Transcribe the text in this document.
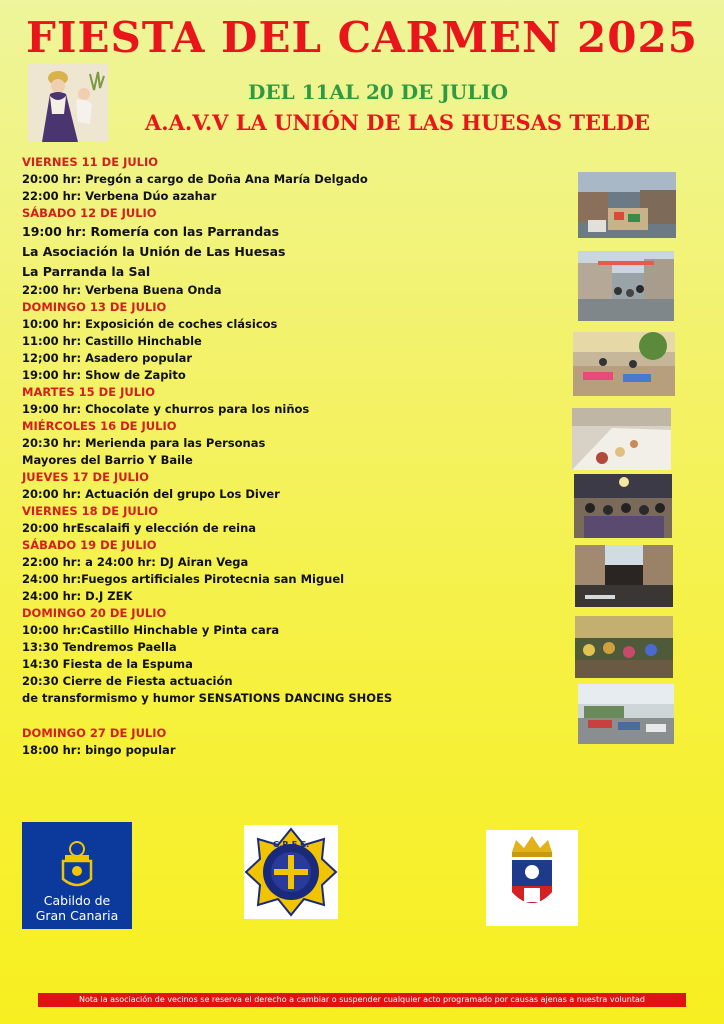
FIESTA DEL CARMEN 2025
DEL 11AL 20 DE JULIO
A.A.V.V LA UNIÓN DE LAS HUESAS TELDE
VIERNES 11 DE JULIO
20:00 hr: Pregón a cargo de Doña Ana María Delgado
22:00 hr: Verbena Dúo azahar
SÁBADO 12 DE JULIO
19:00 hr: Romería con las Parrandas
La Asociación la Unión de Las Huesas
La Parranda la Sal
22:00 hr: Verbena Buena Onda
DOMINGO 13 DE JULIO
10:00 hr: Exposición de coches clásicos
11:00 hr: Castillo Hinchable
12;00 hr: Asadero popular
19:00 hr: Show de Zapito
MARTES 15 DE JULIO
19:00 hr: Chocolate y churros para los niños
MIÉRCOLES 16 DE JULIO
20:30 hr: Merienda para las Personas
Mayores del Barrio Y Baile
JUEVES 17 DE JULIO
20:00 hr: Actuación del grupo Los Diver
VIERNES 18 DE JULIO
20:00 hrEscalaifi y elección de reina
SÁBADO 19 DE JULIO
22:00 hr: a 24:00 hr: DJ Airan Vega
24:00 hr:Fuegos artificiales Pirotecnia san Miguel
24:00 hr: D.J ZEK
DOMINGO 20 DE JULIO
10:00 hr:Castillo Hinchable y Pinta cara
13:30 Tendremos Paella
14:30 Fiesta de la Espuma
20:30 Cierre de Fiesta actuación
de transformismo y humor SENSATIONS DANCING SHOES
DOMINGO 27 DE JULIO
18:00 hr: bingo popular
Cabildo de
Gran Canaria
G.R.E.C.
Nota la asociación de vecinos se reserva el derecho a cambiar o suspender cualquier acto programado por causas ajenas a nuestra voluntad
